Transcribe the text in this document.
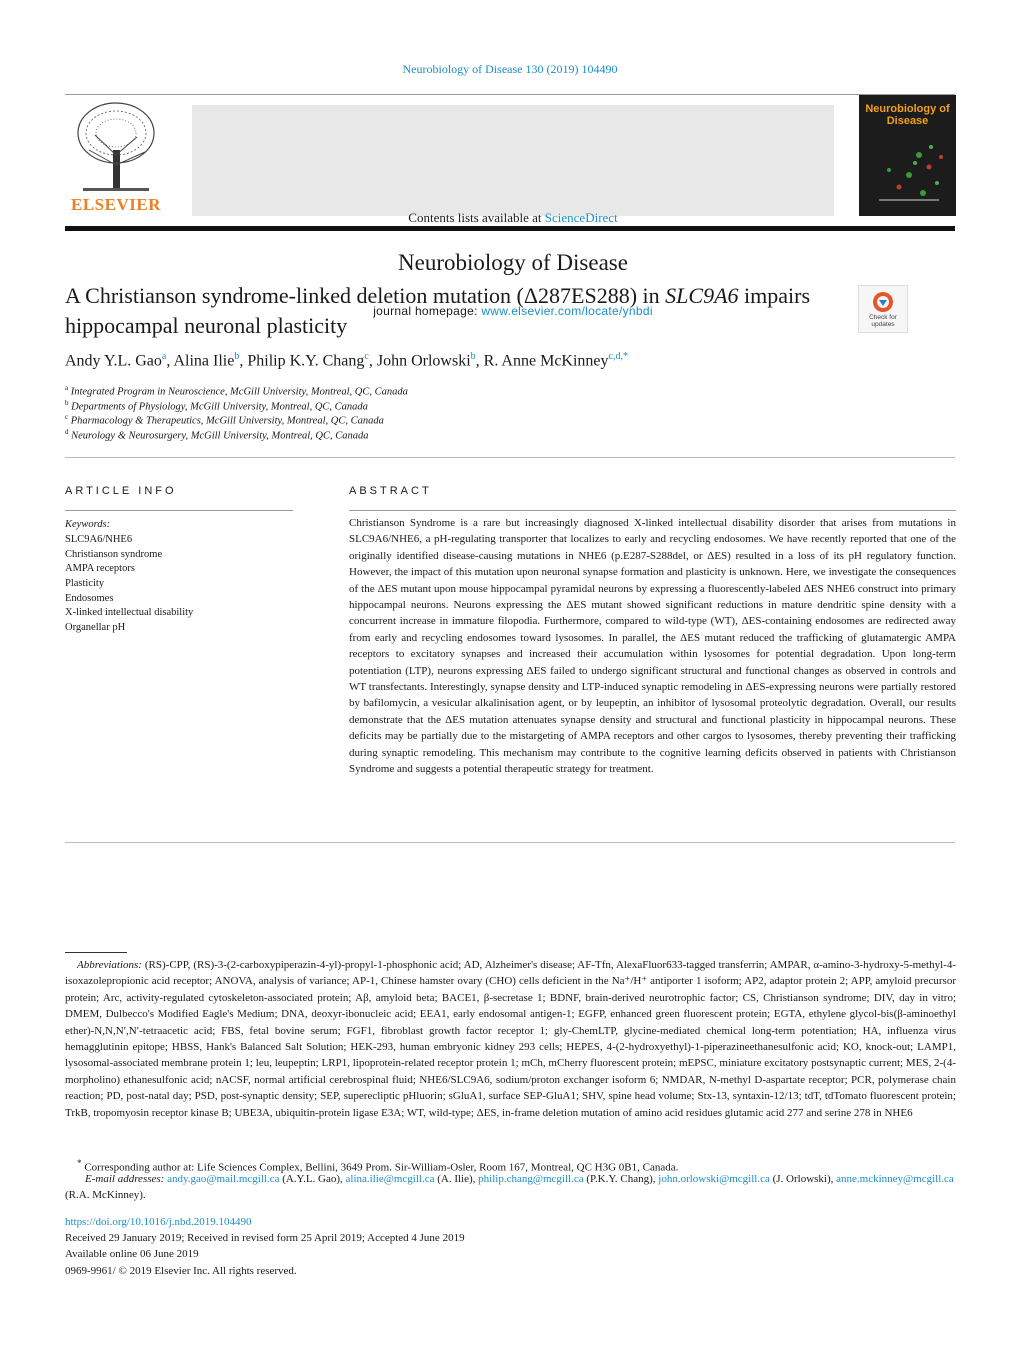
Neurobiology of Disease 130 (2019) 104490
ELSEVIER
Contents lists available at ScienceDirect
Neurobiology of Disease
journal homepage: www.elsevier.com/locate/ynbdi
Neurobiology of Disease
A Christianson syndrome-linked deletion mutation (Δ287ES288) in SLC9A6 impairs hippocampal neuronal plasticity	Check for updates
Andy Y.L. Gao$^a$, Alina Ilie$^b$, Philip K.Y. Chang$^c$, John Orlowski$^b$, R. Anne McKinney$^{c,d,*}$
$^a$ Integrated Program in Neuroscience, McGill University, Montreal, QC, Canada
$^b$ Departments of Physiology, McGill University, Montreal, QC, Canada
$^c$ Pharmacology & Therapeutics, McGill University, Montreal, QC, Canada
$^d$ Neurology & Neurosurgery, McGill University, Montreal, QC, Canada
ARTICLE INFO
Keywords:
SLC9A6/NHE6
Christianson syndrome
AMPA receptors
Plasticity
Endosomes
X-linked intellectual disability
Organellar pH
ABSTRACT
Christianson Syndrome is a rare but increasingly diagnosed X-linked intellectual disability disorder that arises from mutations in SLC9A6/NHE6, a pH-regulating transporter that localizes to early and recycling endosomes. We have recently reported that one of the originally identified disease-causing mutations in NHE6 (p.E287-S288del, or ΔES) resulted in a loss of its pH regulatory function. However, the impact of this mutation upon neuronal synapse formation and plasticity is unknown. Here, we investigate the consequences of the ΔES mutant upon mouse hippocampal pyramidal neurons by expressing a fluorescently-labeled ΔES NHE6 construct into primary hippocampal neurons. Neurons expressing the ΔES mutant showed significant reductions in mature dendritic spine density with a concurrent increase in immature filopodia. Furthermore, compared to wild-type (WT), ΔES-containing endosomes are redirected away from early and recycling endosomes toward lysosomes. In parallel, the ΔES mutant reduced the trafficking of glutamatergic AMPA receptors to excitatory synapses and increased their accumulation within lysosomes for potential degradation. Upon long-term potentiation (LTP), neurons expressing ΔES failed to undergo significant structural and functional changes as observed in controls and WT transfectants. Interestingly, synapse density and LTP-induced synaptic remodeling in ΔES-expressing neurons were partially restored by bafilomycin, a vesicular alkalinisation agent, or by leupeptin, an inhibitor of lysosomal proteolytic degradation. Overall, our results demonstrate that the ΔES mutation attenuates synapse density and structural and functional plasticity in hippocampal neurons. These deficits may be partially due to the mistargeting of AMPA receptors and other cargos to lysosomes, thereby preventing their trafficking during synaptic remodeling. This mechanism may contribute to the cognitive learning deficits observed in patients with Christianson Syndrome and suggests a potential therapeutic strategy for treatment.
Abbreviations: (RS)-CPP, (RS)-3-(2-carboxypiperazin-4-yl)-propyl-1-phosphonic acid; AD, Alzheimer's disease; AF-Tfn, AlexaFluor633-tagged transferrin; AMPAR, α-amino-3-hydroxy-5-methyl-4-isoxazolepropionic acid receptor; ANOVA, analysis of variance; AP-1, Chinese hamster ovary (CHO) cells deficient in the Na⁺/H⁺ antiporter 1 isoform; AP2, adaptor protein 2; APP, amyloid precursor protein; Arc, activity-regulated cytoskeleton-associated protein; Aβ, amyloid beta; BACE1, β-secretase 1; BDNF, brain-derived neurotrophic factor; CS, Christianson syndrome; DIV, day in vitro; DMEM, Dulbecco's Modified Eagle's Medium; DNA, deoxyr-ibonucleic acid; EEA1, early endosomal antigen-1; EGFP, enhanced green fluorescent protein; EGTA, ethylene glycol-bis(β-aminoethyl ether)-N,N,N′,N′-tetraacetic acid; FBS, fetal bovine serum; FGF1, fibroblast growth factor receptor 1; gly-ChemLTP, glycine-mediated chemical long-term potentiation; HA, influenza virus hemagglutinin epitope; HBSS, Hank's Balanced Salt Solution; HEK-293, human embryonic kidney 293 cells; HEPES, 4-(2-hydroxyethyl)-1-piperazineethanesulfonic acid; KO, knock-out; LAMP1, lysosomal-associated membrane protein 1; leu, leupeptin; LRP1, lipoprotein-related receptor protein 1; mCh, mCherry fluorescent protein; mEPSC, miniature excitatory postsynaptic current; MES, 2-(4-morpholino) ethanesulfonic acid; nACSF, normal artificial cerebrospinal fluid; NHE6/SLC9A6, sodium/proton exchanger isoform 6; NMDAR, N-methyl D-aspartate receptor; PCR, polymerase chain reaction; PD, post-natal day; PSD, post-synaptic density; SEP, superecliptic pHluorin; sGluA1, surface SEP-GluA1; SHV, spine head volume; Stx-13, syntaxin-12/13; tdT, tdTomato fluorescent protein; TrkB, tropomyosin receptor kinase B; UBE3A, ubiquitin-protein ligase E3A; WT, wild-type; ΔES, in-frame deletion mutation of amino acid residues glutamic acid 277 and serine 278 in NHE6
* Corresponding author at: Life Sciences Complex, Bellini, 3649 Prom. Sir-William-Osler, Room 167, Montreal, QC H3G 0B1, Canada.
E-mail addresses: andy.gao@mail.mcgill.ca (A.Y.L. Gao), alina.ilie@mcgill.ca (A. Ilie), philip.chang@mcgill.ca (P.K.Y. Chang), john.orlowski@mcgill.ca (J. Orlowski), anne.mckinney@mcgill.ca (R.A. McKinney).
https://doi.org/10.1016/j.nbd.2019.104490
Received 29 January 2019; Received in revised form 25 April 2019; Accepted 4 June 2019
Available online 06 June 2019
0969-9961/ © 2019 Elsevier Inc. All rights reserved.
